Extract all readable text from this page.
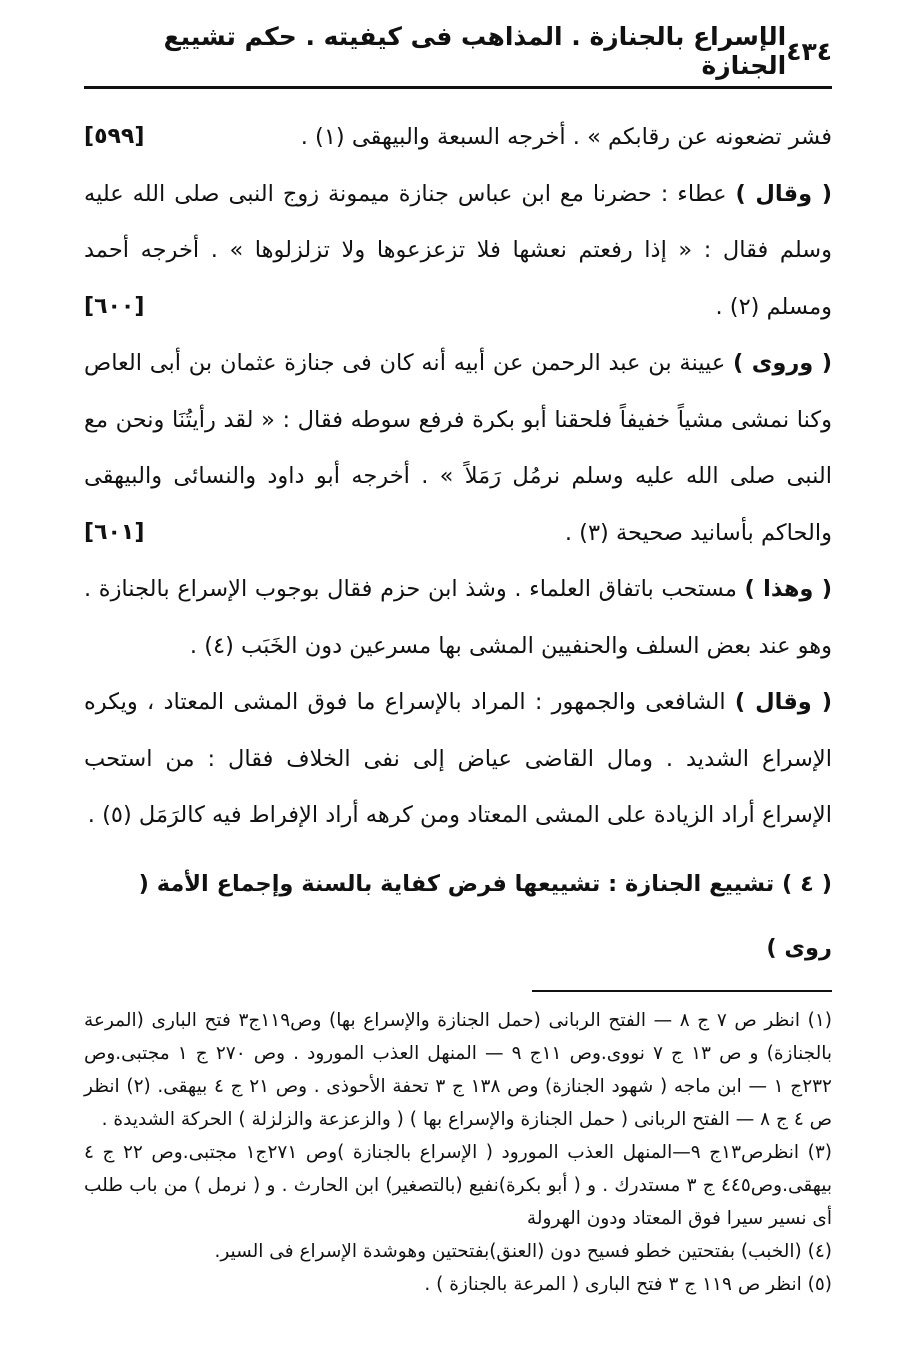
٤٣٤
الإسراع بالجنازة . المذاهب فى كيفيته . حكم تشييع الجنازة

[٥٩٩]	فشر تضعونه عن رقابكم » . أخرجه السبعة والبيهقى (١) .

( وقال ) عطاء : حضرنا مع ابن عباس جنازة ميمونة زوج النبى صلى الله عليه وسلم فقال : « إذا رفعتم نعشها فلا تزعزعوها ولا تزلزلوها » . أخرجه أحمد ومسلم (٢) .
[٦٠٠]

( وروى ) عيينة بن عبد الرحمن عن أبيه أنه كان فى جنازة عثمان بن أبى العاص وكنا نمشى مشياً خفيفاً فلحقنا أبو بكرة فرفع سوطه فقال : « لقد رأيتُنَا ونحن مع النبى صلى الله عليه وسلم نرمُل رَمَلاً » . أخرجه أبو داود والنسائى والبيهقى والحاكم بأسانيد صحيحة (٣) .
[٦٠١]

( وهذا ) مستحب باتفاق العلماء . وشذ ابن حزم فقال بوجوب الإسراع بالجنازة . وهو عند بعض السلف والحنفيين المشى بها مسرعين دون الخَبَب (٤) .

( وقال ) الشافعى والجمهور : المراد بالإسراع ما فوق المشى المعتاد ، ويكره الإسراع الشديد . ومال القاضى عياض إلى نفى الخلاف فقال : من استحب الإسراع أراد الزيادة على المشى المعتاد ومن كرهه أراد الإفراط فيه كالرَمَل (٥) .

( ٤ ) تشييع الجنازة : تشييعها فرض كفاية بالسنة وإجماع الأمة ( روى )

(١) انظر ص ٧ ج ٨ — الفتح الربانى (حمل الجنازة والإسراع بها) وص١١٩ج٣ فتح البارى (المرعة بالجنازة) و ص ١٣ ج ٧ نووى.وص ١١ج ٩ — المنهل العذب المورود . وص ٢٧٠ ج ١ مجتبى.وص ٢٣٢ج ١ — ابن ماجه ( شهود الجنازة) وص ١٣٨ ج ٣ تحفة الأحوذى . وص ٢١ ج ٤ بيهقى. (٢) انظر ص ٤ ج ٨ — الفتح الربانى ( حمل الجنازة والإسراع بها ) ( والزعزعة والزلزلة ) الحركة الشديدة .

(٣) انظرص١٣ج ٩—المنهل العذب المورود ( الإسراع بالجنازة )وص ٢٧١ج١ مجتبى.وص ٢٢ ج ٤ بيهقى.وص٤٤٥ ج ٣ مستدرك . و ( أبو بكرة)نفيع (بالتصغير) ابن الحارث . و ( نرمل ) من باب طلب أى نسير سيرا فوق المعتاد ودون الهرولة

(٤) (الخبب) بفتحتين خطو فسيح دون (العنق)بفتحتين وهوشدة الإسراع فى السير.

(٥) انظر ص ١١٩ ج ٣ فتح البارى ( المرعة بالجنازة ) .
